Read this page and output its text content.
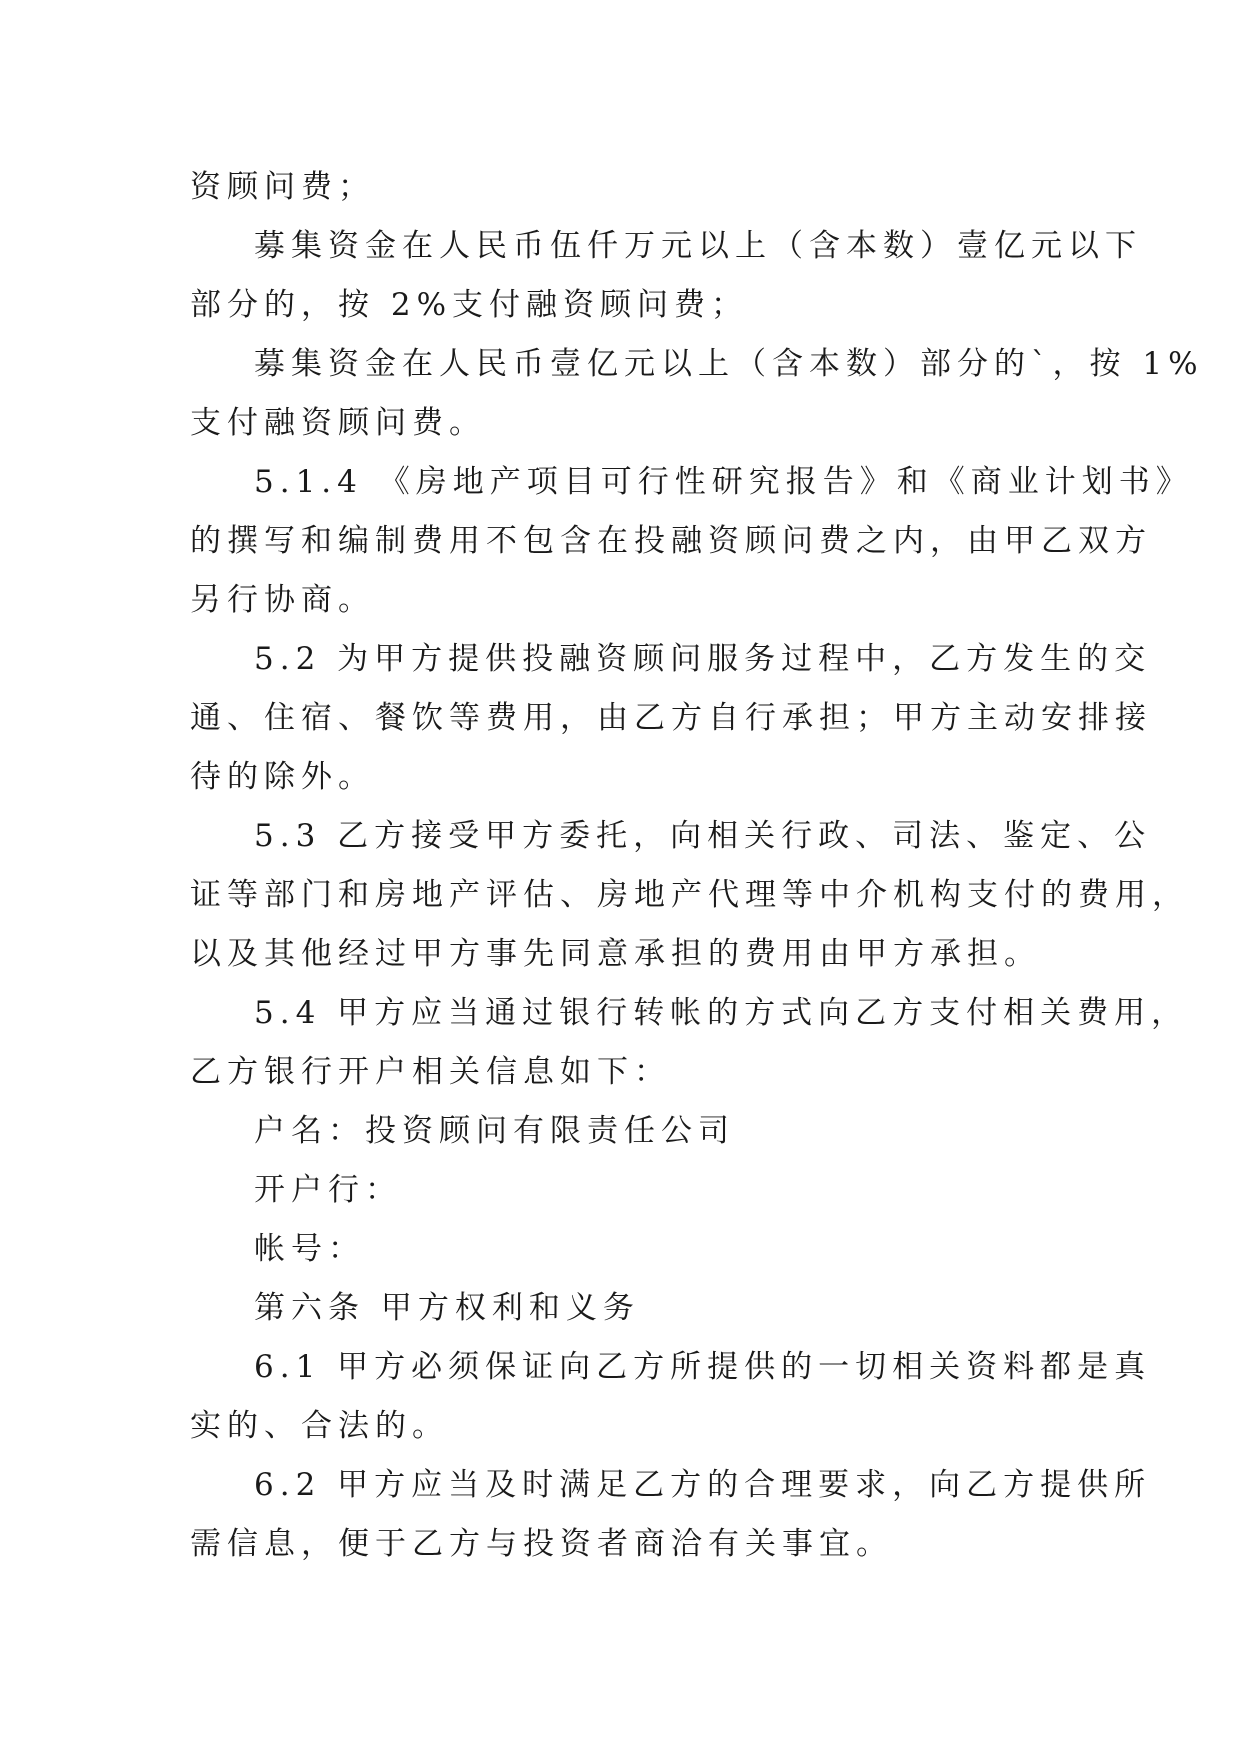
资顾问费；
募集资金在人民币伍仟万元以上（含本数）壹亿元以下
部分的，按 2%支付融资顾问费；
募集资金在人民币壹亿元以上（含本数）部分的`，按 1%
支付融资顾问费。
5.1.4 《房地产项目可行性研究报告》和《商业计划书》
的撰写和编制费用不包含在投融资顾问费之内，由甲乙双方
另行协商。
5.2 为甲方提供投融资顾问服务过程中，乙方发生的交
通、住宿、餐饮等费用，由乙方自行承担；甲方主动安排接
待的除外。
5.3 乙方接受甲方委托，向相关行政、司法、鉴定、公
证等部门和房地产评估、房地产代理等中介机构支付的费用，
以及其他经过甲方事先同意承担的费用由甲方承担。
5.4 甲方应当通过银行转帐的方式向乙方支付相关费用，
乙方银行开户相关信息如下：
户名：投资顾问有限责任公司
开户行：
帐号：
第六条 甲方权利和义务
6.1 甲方必须保证向乙方所提供的一切相关资料都是真
实的、合法的。
6.2 甲方应当及时满足乙方的合理要求，向乙方提供所
需信息，便于乙方与投资者商洽有关事宜。
